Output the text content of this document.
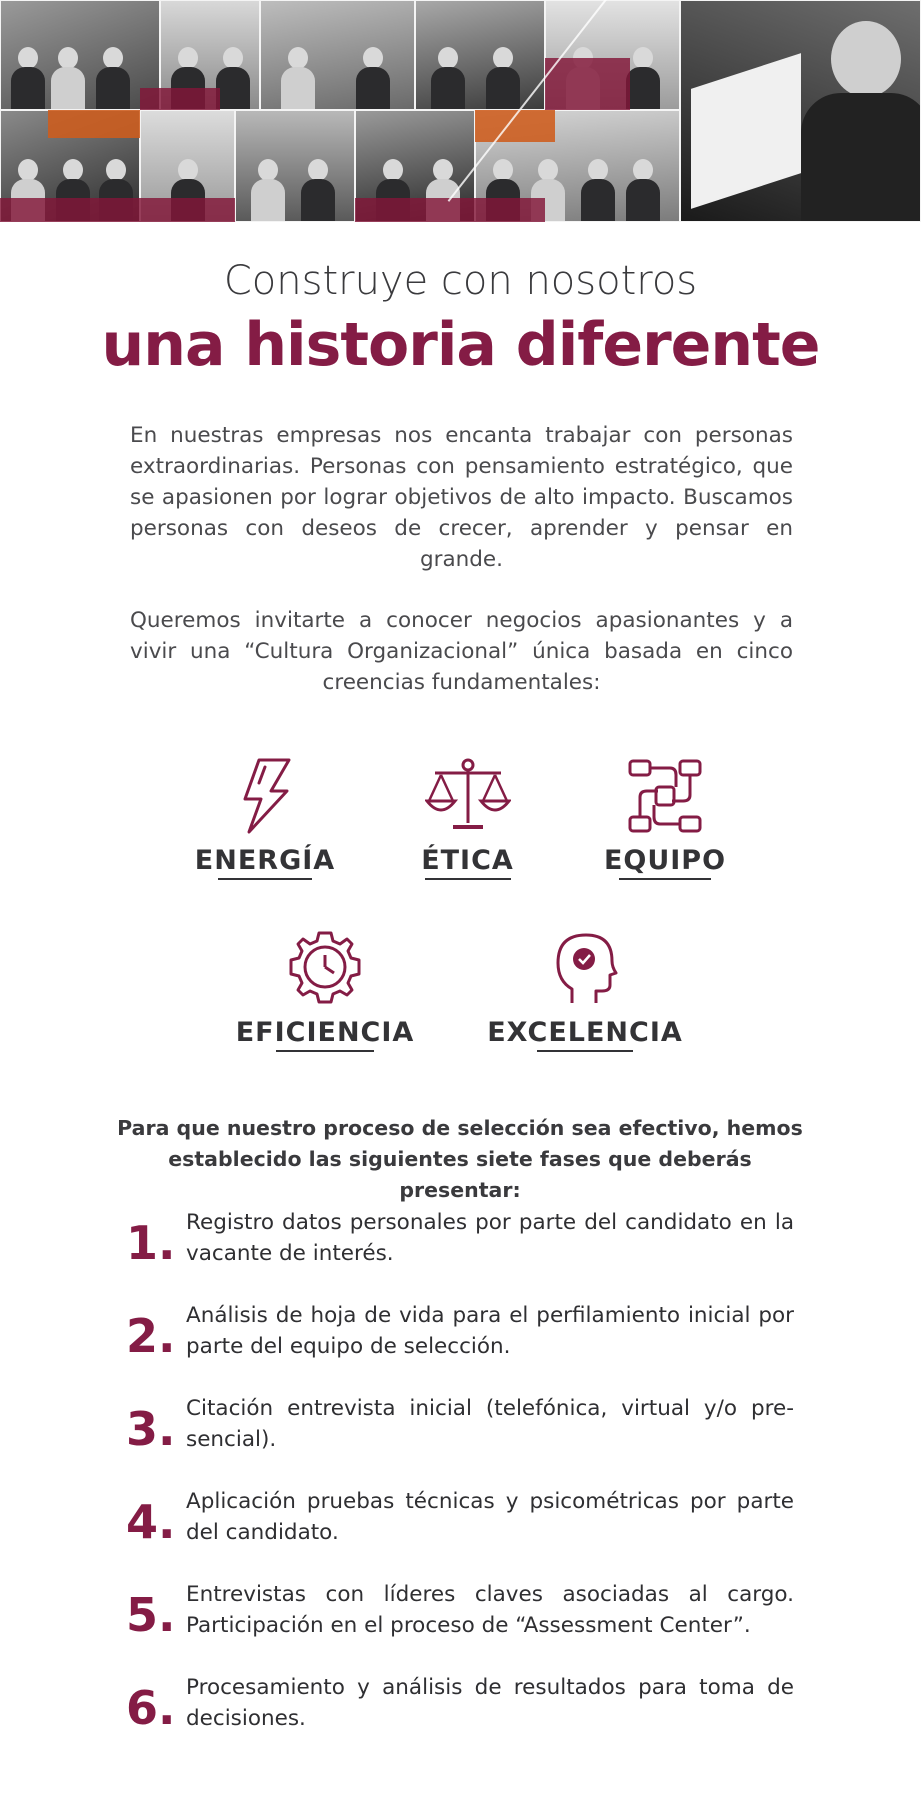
Construye con nosotros
una historia diferente
En nuestras empresas nos encanta trabajar con personas extraordinarias. Personas con pensamiento estratégico, que se apasionen por lograr objetivos de alto impacto. Buscamos personas con deseos de crecer, aprender y pensar en grande.
Queremos invitarte a conocer negocios apasionantes y a vivir una “Cultura Organizacional” única basada en cinco creencias fundamentales:
ENERGÍA	ÉTICA	EQUIPO
EFICIENCIA	EXCELENCIA
Para que nuestro proceso de selección sea efectivo, hemos establecido las siguientes siete fases que deberás presentar:
1. Registro datos personales por parte del candidato en la vacante de interés.
2. Análisis de hoja de vida para el perfilamiento inicial por parte del equipo de selección.
3. Citación entrevista inicial (telefónica, virtual y/o pre-sencial).
4. Aplicación pruebas técnicas y psicométricas por parte del candidato.
5. Entrevistas con líderes claves asociadas al cargo. Participación en el proceso de “Assessment Center”.
6. Procesamiento y análisis de resultados para toma de decisiones.
